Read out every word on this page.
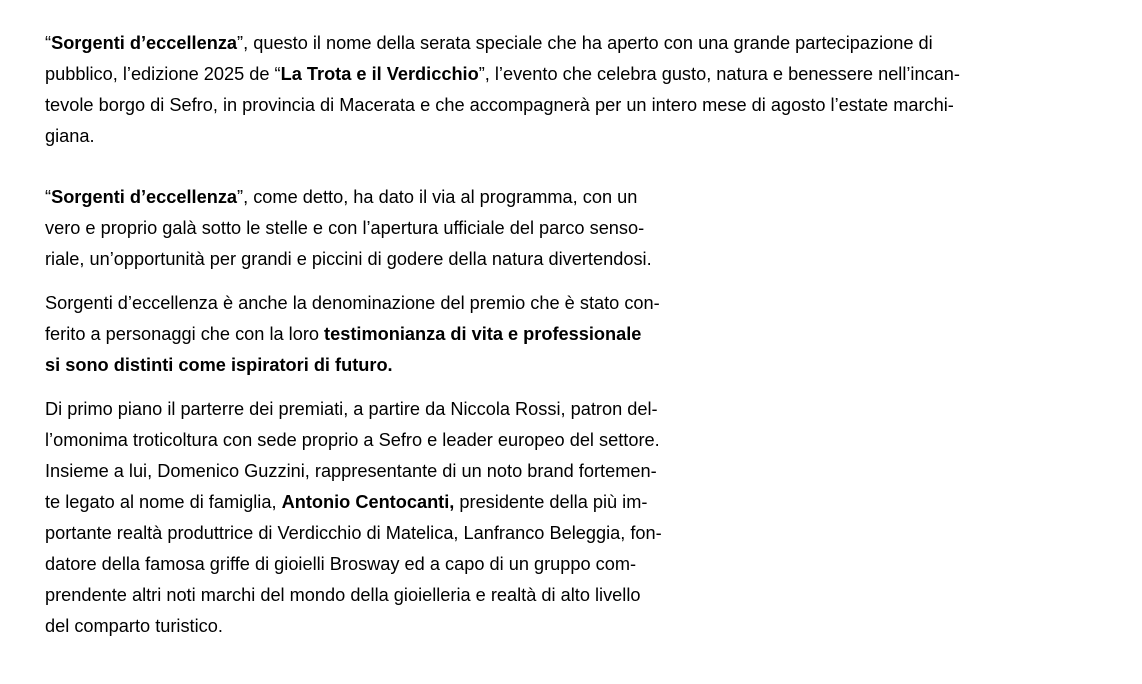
“Sorgenti d’eccellenza”, questo il nome della serata speciale che ha aperto con una grande partecipazione di
pubblico, l’edizione 2025 de “La Trota e il Verdicchio”, l’evento che celebra gusto, natura e benessere nell’incan-
tevole borgo di Sefro, in provincia di Macerata e che accompagnerà per un intero mese di agosto l’estate marchi-
giana.

“Sorgenti d’eccellenza”, come detto, ha dato il via al programma, con un
vero e proprio galà sotto le stelle e con l’apertura ufficiale del parco senso-
riale, un’opportunità per grandi e piccini di godere della natura divertendosi.

Sorgenti d’eccellenza è anche la denominazione del premio che è stato con-
ferito a personaggi che con la loro testimonianza di vita e professionale
si sono distinti come ispiratori di futuro.

Di primo piano il parterre dei premiati, a partire da Niccola Rossi, patron del-
l’omonima troticoltura con sede proprio a Sefro e leader europeo del settore.
Insieme a lui, Domenico Guzzini, rappresentante di un noto brand fortemen-
te legato al nome di famiglia, Antonio Centocanti, presidente della più im-
portante realtà produttrice di Verdicchio di Matelica, Lanfranco Beleggia, fon-
datore della famosa griffe di gioielli Brosway ed a capo di un gruppo com-
prendente altri noti marchi del mondo della gioielleria e realtà di alto livello
del comparto turistico.
